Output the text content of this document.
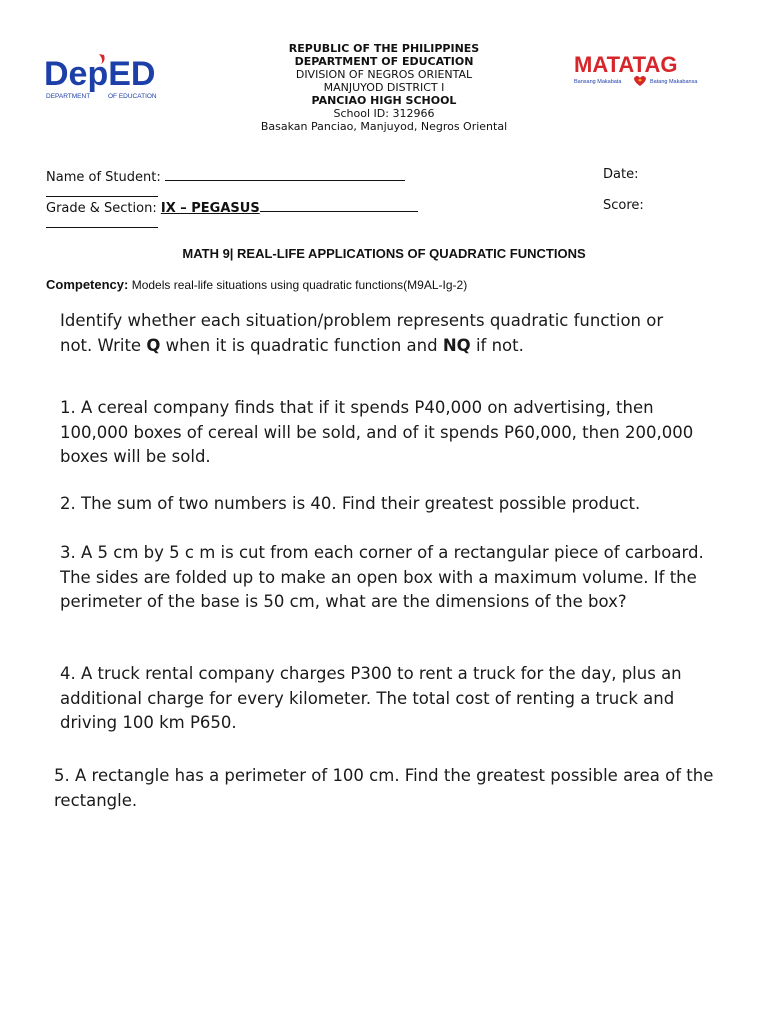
DepED
DEPARTMENT	OF EDUCATION
MATATAG
Bansang Makabata	Batang Makabansa
REPUBLIC OF THE PHILIPPINES
DEPARTMENT OF EDUCATION
DIVISION OF NEGROS ORIENTAL
MANJUYOD DISTRICT I
PANCIAO HIGH SCHOOL
School ID: 312966
Basakan Panciao, Manjuyod, Negros Oriental
Name of Student:	Date:
Grade & Section: IX – PEGASUS	Score:
MATH 9| REAL-LIFE APPLICATIONS OF QUADRATIC FUNCTIONS
Competency: Models real-life situations using quadratic functions(M9AL-Ig-2)
Identify whether each situation/problem represents quadratic function or not. Write Q when it is quadratic function and NQ if not.
1. A cereal company finds that if it spends P40,000 on advertising, then 100,000 boxes of cereal will be sold, and of it spends P60,000, then 200,000 boxes will be sold.
2. The sum of two numbers is 40. Find their greatest possible product.
3. A 5 cm by 5 c m is cut from each corner of a rectangular piece of carboard. The sides are folded up to make an open box with a maximum volume. If the perimeter of the base is 50 cm, what are the dimensions of the box?
4. A truck rental company charges P300 to rent a truck for the day, plus an additional charge for every kilometer. The total cost of renting a truck and driving 100 km P650.
5. A rectangle has a perimeter of 100 cm. Find the greatest possible area of the rectangle.
